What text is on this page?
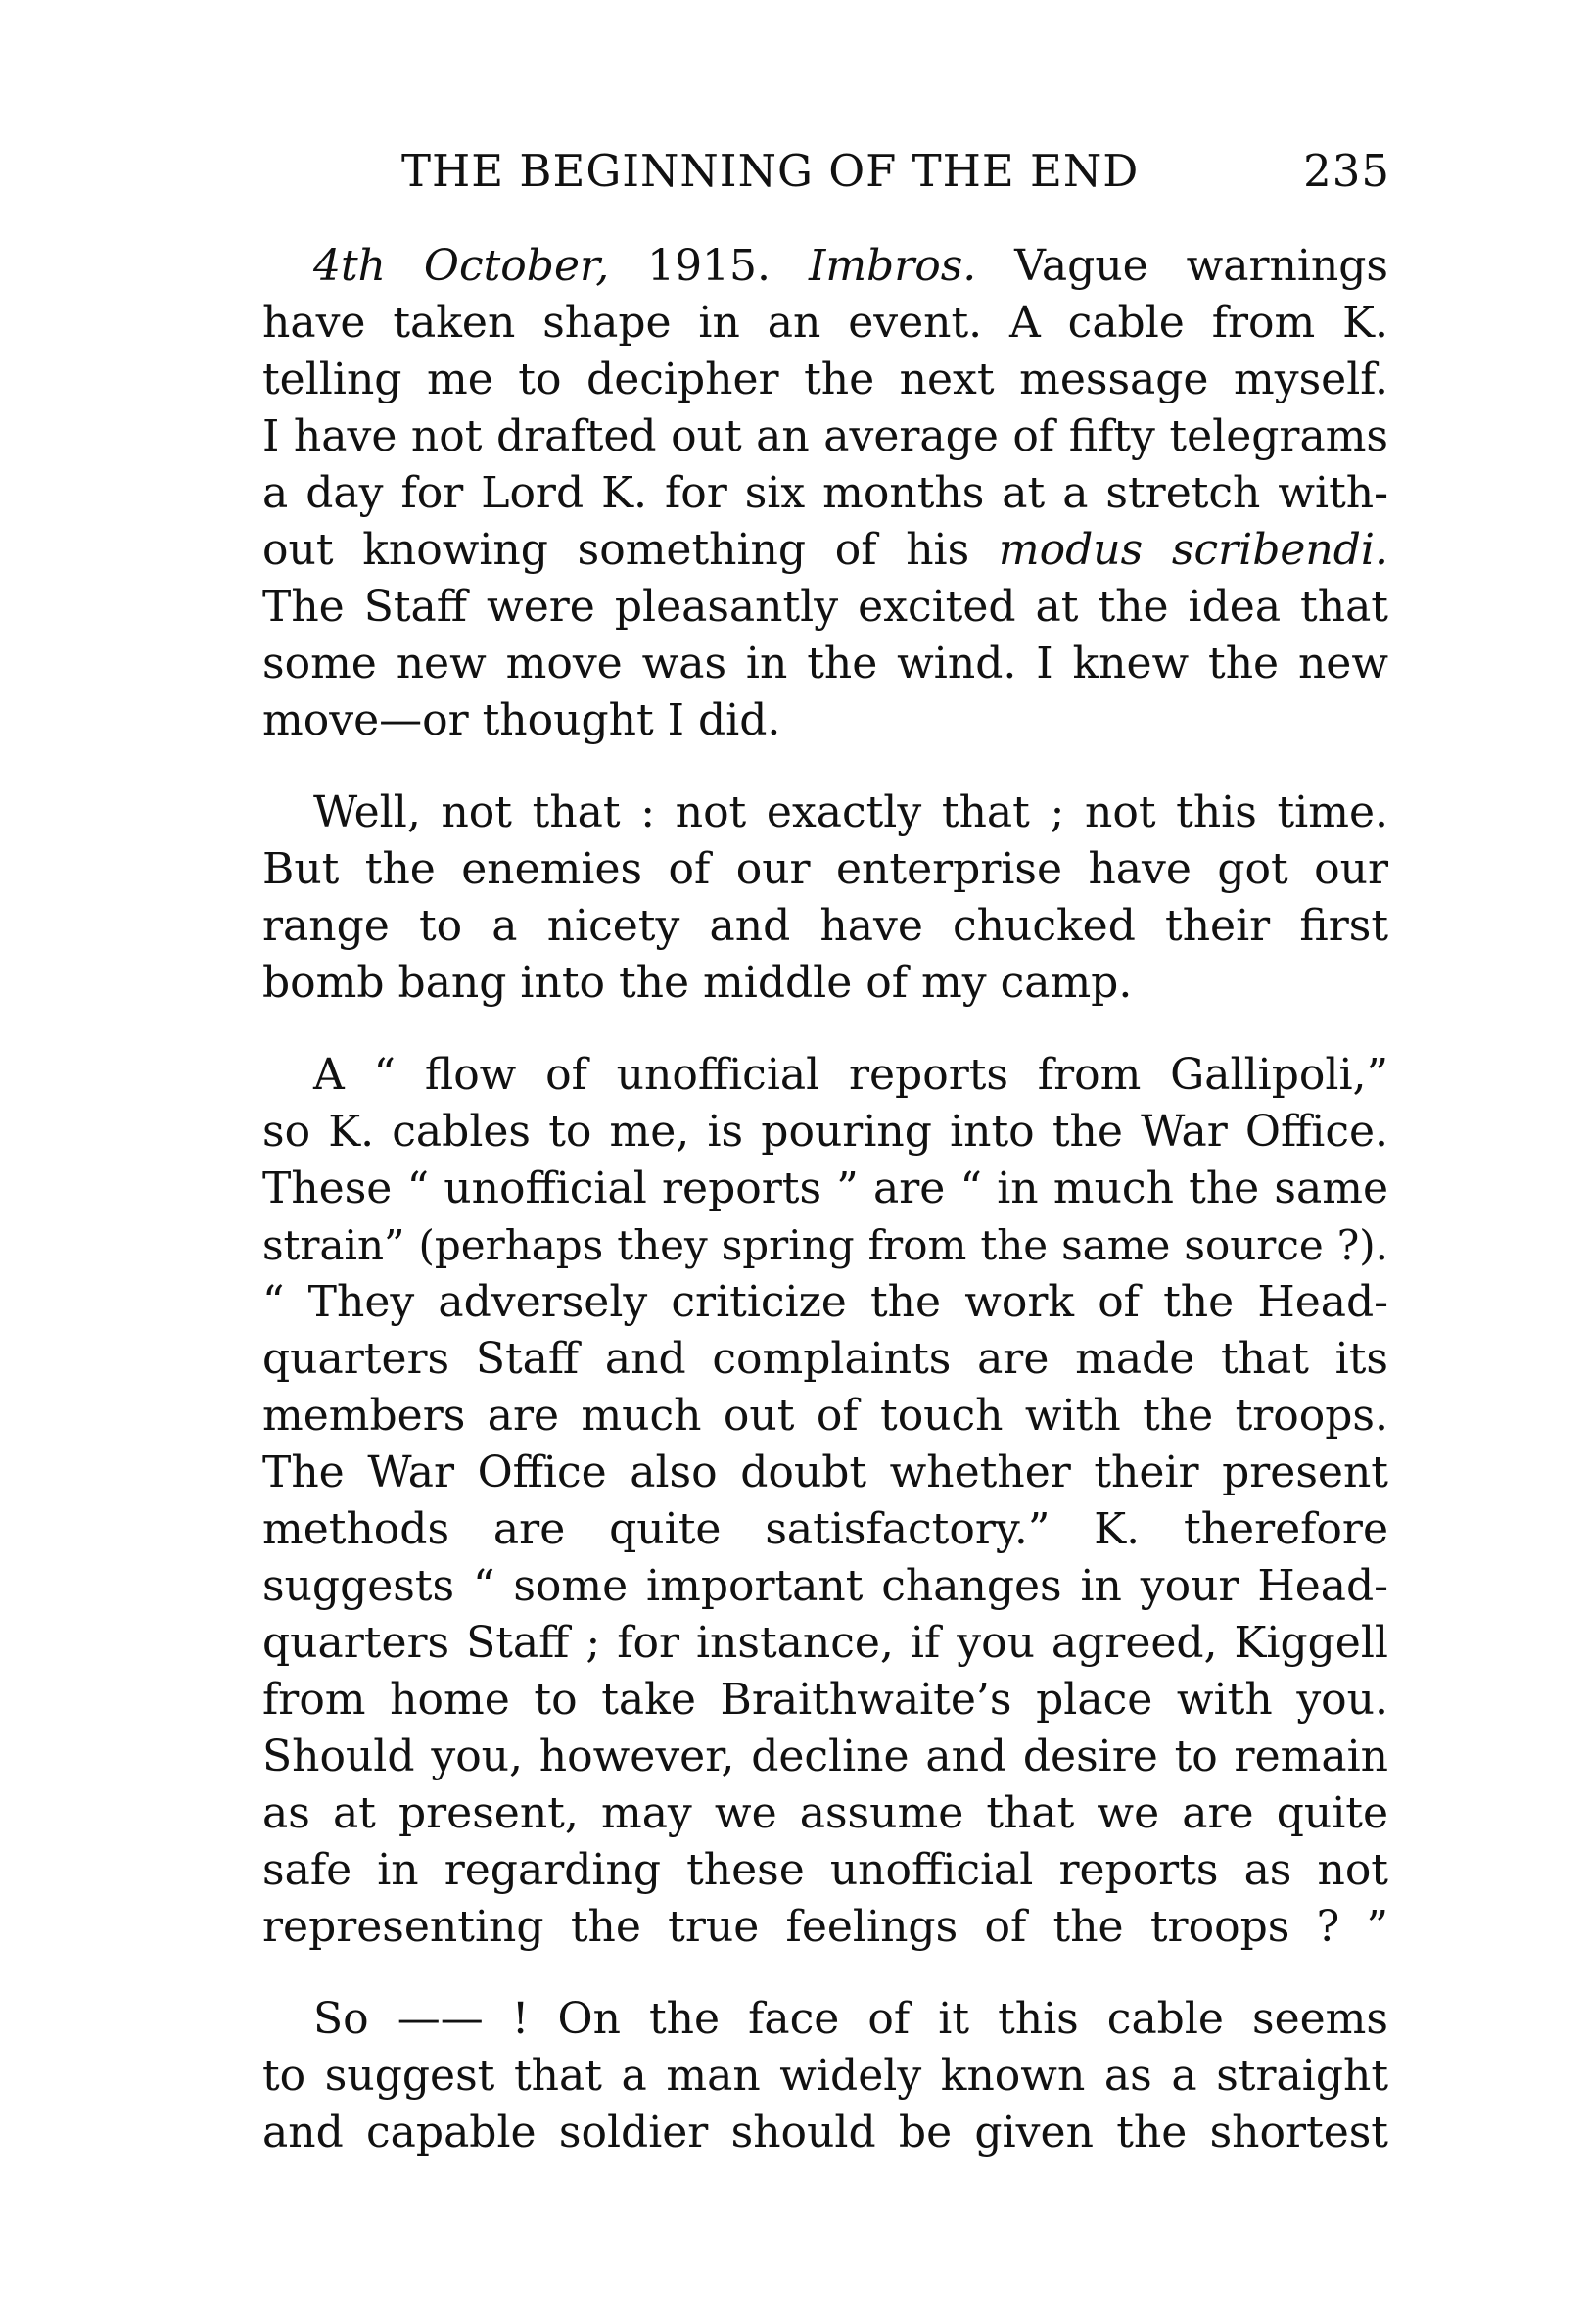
THE BEGINNING OF THE END	235
4th October, 1915. Imbros. Vague warnings
have taken shape in an event. A cable from K.
telling me to decipher the next message myself.
I have not drafted out an average of fifty telegrams
a day for Lord K. for six months at a stretch with-
out knowing something of his modus scribendi.
The Staff were pleasantly excited at the idea that
some new move was in the wind. I knew the new
move—or thought I did.
Well, not that : not exactly that ; not this time.
But the enemies of our enterprise have got our
range to a nicety and have chucked their first
bomb bang into the middle of my camp.
A “ flow of unofficial reports from Gallipoli,”
so K. cables to me, is pouring into the War Office.
These “ unofficial reports ” are “ in much the same
strain” (perhaps they spring from the same source ?).
“ They adversely criticize the work of the Head-
quarters Staff and complaints are made that its
members are much out of touch with the troops.
The War Office also doubt whether their present
methods are quite satisfactory.” K. therefore
suggests “ some important changes in your Head-
quarters Staff ; for instance, if you agreed, Kiggell
from home to take Braithwaite’s place with you.
Should you, however, decline and desire to remain
as at present, may we assume that we are quite
safe in regarding these unofficial reports as not
representing the true feelings of the troops ? ”
So —— ! On the face of it this cable seems
to suggest that a man widely known as a straight
and capable soldier should be given the shortest
